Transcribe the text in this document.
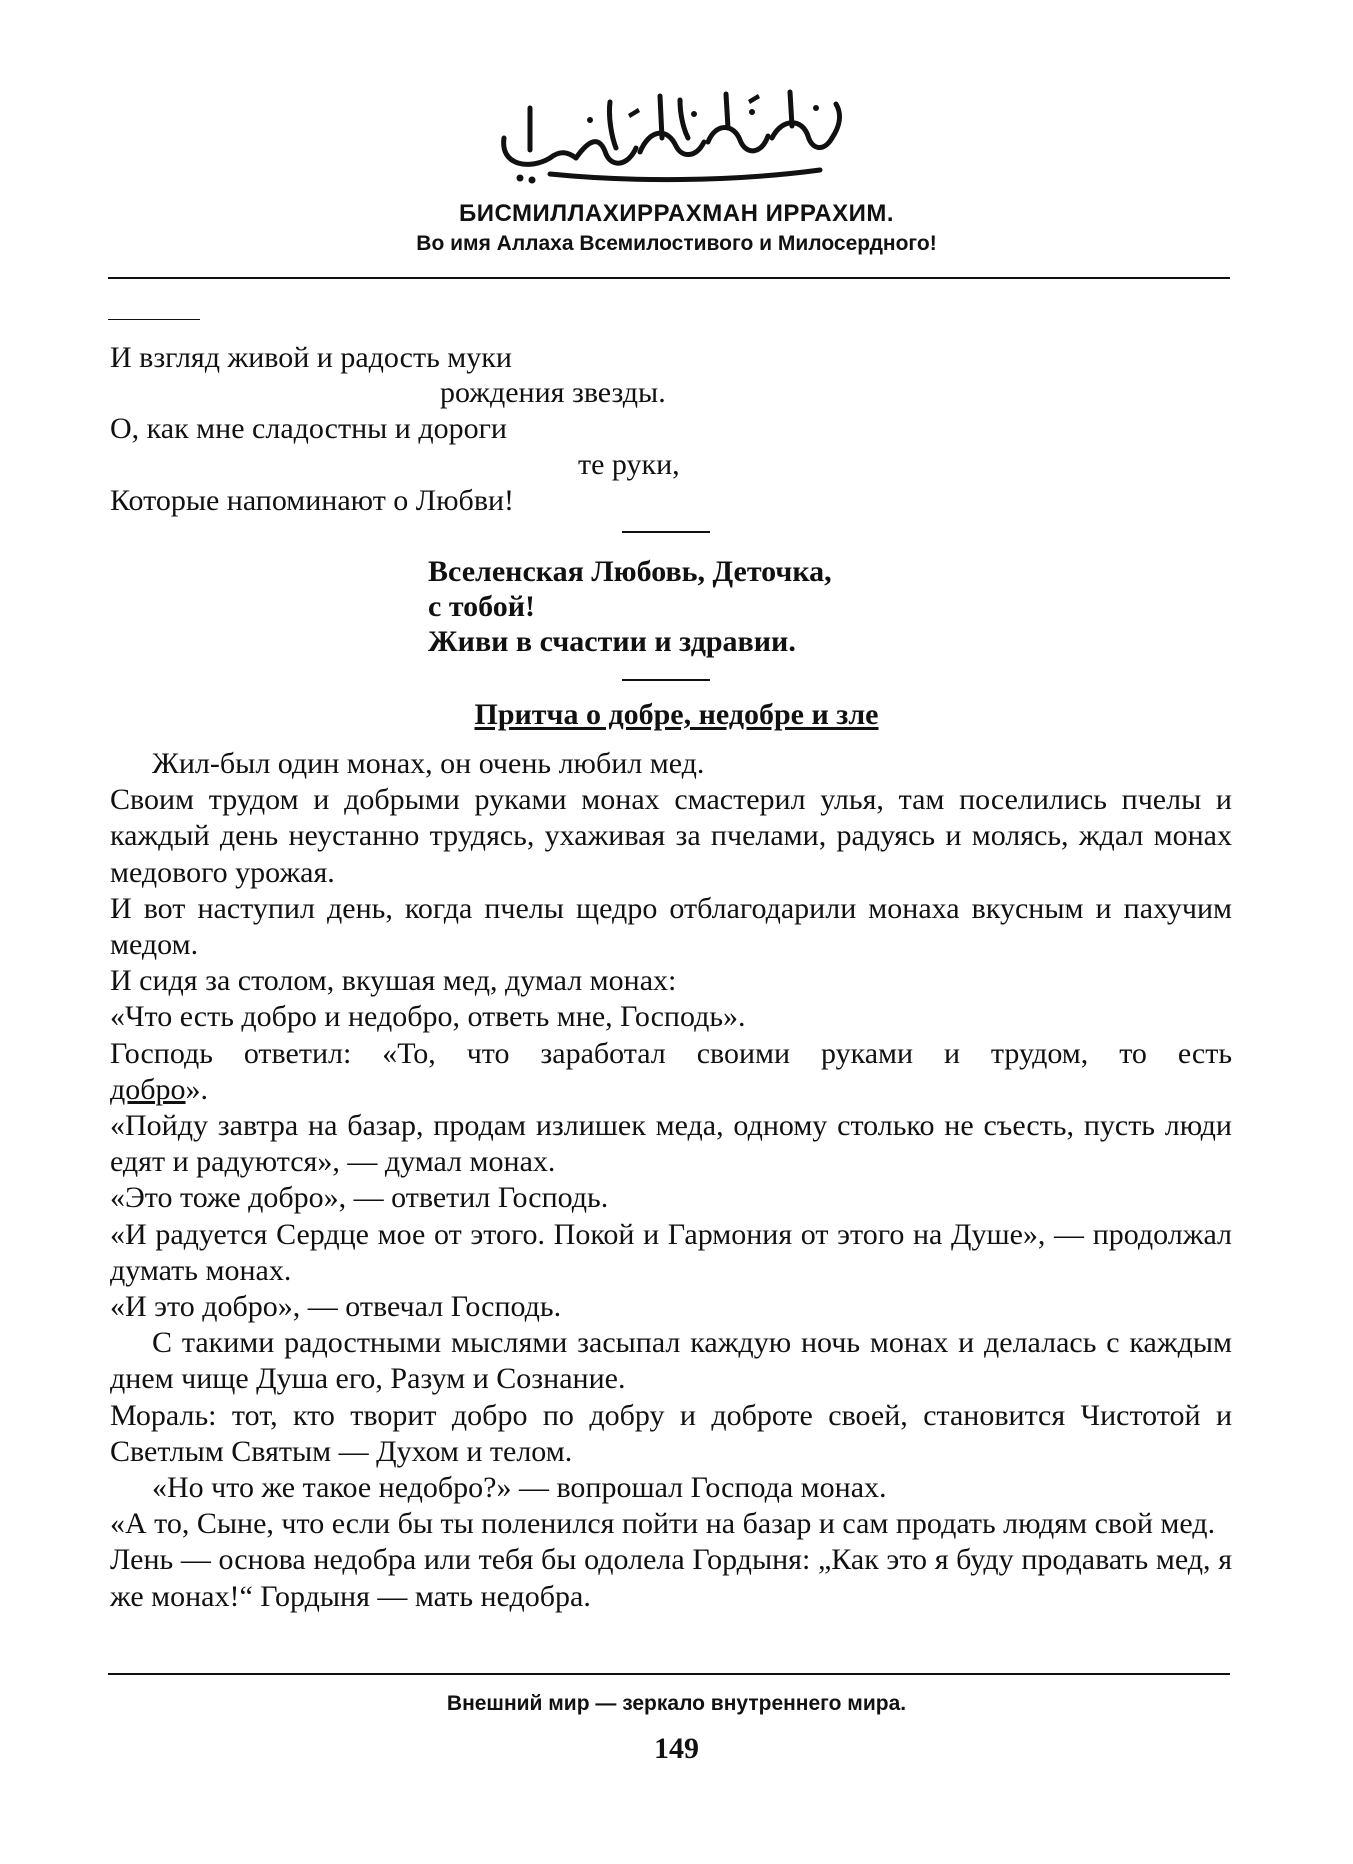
БИСМИЛЛАХИРРАХМАН ИРРАХИМ.
Во имя Аллаха Всемилостивого и Милосердного!
И взгляд живой и радость муки
рождения звезды.
О, как мне сладостны и дороги
те руки,
Которые напоминают о Любви!
Вселенская Любовь, Деточка,
с тобой!
Живи в счастии и здравии.
Притча о добре, недобре и зле

Жил-был один монах, он очень любил мед.

Своим трудом и добрыми руками монах смастерил улья, там поселились пчелы и каждый день неустанно трудясь, ухаживая за пчелами, радуясь и молясь, ждал монах медового урожая.

И вот наступил день, когда пчелы щедро отблагодарили монаха вкусным и пахучим медом.

И сидя за столом, вкушая мед, думал монах:

«Что есть добро и недобро, ответь мне, Господь».

Господь ответил: «То, что заработал своими руками и трудом, то есть

добро».

«Пойду завтра на базар, продам излишек меда, одному столько не съесть, пусть люди едят и радуются», — думал монах.

«Это тоже добро», — ответил Господь.

«И радуется Сердце мое от этого. Покой и Гармония от этого на Душе», — продолжал думать монах.

«И это добро», — отвечал Господь.

С такими радостными мыслями засыпал каждую ночь монах и делалась с каждым днем чище Душа его, Разум и Сознание.

Мораль: тот, кто творит добро по добру и доброте своей, становится Чистотой и Светлым Святым — Духом и телом.

«Но что же такое недобро?» — вопрошал Господа монах.

«А то, Сыне, что если бы ты поленился пойти на базар и сам продать людям свой мед.

Лень — основа недобра или тебя бы одолела Гордыня: „Как это я буду продавать мед, я же монах!“ Гордыня — мать недобра.

Внешний мир — зеркало внутреннего мира.
149
